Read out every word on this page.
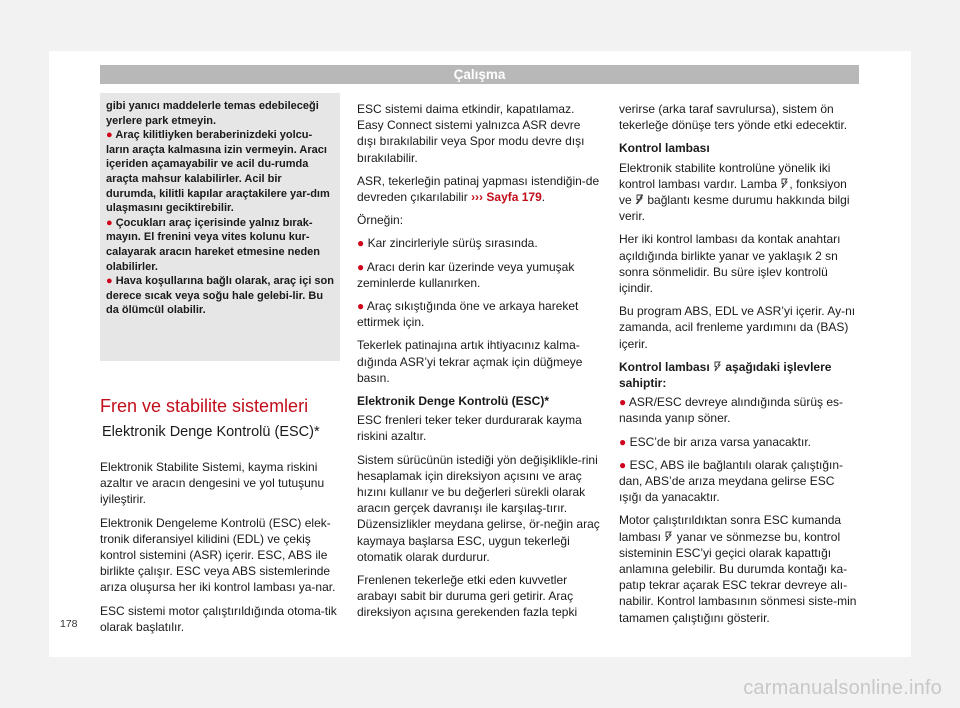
Çalışma

gibi yanıcı maddelerle temas edebileceği yerlere park etmeyin.

● Araç kilitliyken beraberinizdeki yolcu-ların araçta kalmasına izin vermeyin. Aracı içeriden açamayabilir ve acil du-rumda araçta mahsur kalabilirler. Acil bir durumda, kilitli kapılar araçtakilere yar-dım ulaşmasını geciktirebilir.

● Çocukları araç içerisinde yalnız bırak-mayın. El frenini veya vites kolunu kur-calayarak aracın hareket etmesine neden olabilirler.

● Hava koşullarına bağlı olarak, araç içi son derece sıcak veya soğu hale gelebi-lir. Bu da ölümcül olabilir.

Fren ve stabilite sistemleri
Elektronik Denge Kontrolü (ESC)*

Elektronik Stabilite Sistemi, kayma riskini azaltır ve aracın dengesini ve yol tutuşunu iyileştirir.

Elektronik Dengeleme Kontrolü (ESC) elek-tronik diferansiyel kilidini (EDL) ve çekiş kontrol sistemini (ASR) içerir. ESC, ABS ile birlikte çalışır. ESC veya ABS sistemlerinde arıza oluşursa her iki kontrol lambası ya-nar.

ESC sistemi motor çalıştırıldığında otoma-tik olarak başlatılır.

ESC sistemi daima etkindir, kapatılamaz. Easy Connect sistemi yalnızca ASR devre dışı bırakılabilir veya Spor modu devre dışı bırakılabilir.

ASR, tekerleğin patinaj yapması istendiğin-de devreden çıkarılabilir ››› Sayfa 179.

Örneğin:

● Kar zincirleriyle sürüş sırasında.

● Aracı derin kar üzerinde veya yumuşak zeminlerde kullanırken.

● Araç sıkıştığında öne ve arkaya hareket ettirmek için.

Tekerlek patinajına artık ihtiyacınız kalma-dığında ASR’yi tekrar açmak için düğmeye basın.

Elektronik Denge Kontrolü (ESC)*

ESC frenleri teker teker durdurarak kayma riskini azaltır.

Sistem sürücünün istediği yön değişiklikle-rini hesaplamak için direksiyon açısını ve araç hızını kullanır ve bu değerleri sürekli olarak aracın gerçek davranışı ile karşılaş-tırır. Düzensizlikler meydana gelirse, ör-neğin araç kaymaya başlarsa ESC, uygun tekerleği otomatik olarak durdurur.

Frenlenen tekerleğe etki eden kuvvetler arabayı sabit bir duruma geri getirir. Araç direksiyon açısına gerekenden fazla tepki

verirse (arka taraf savrulursa), sistem ön tekerleğe dönüşe ters yönde etki edecektir.

Kontrol lambası

Elektronik stabilite kontrolüne yönelik iki kontrol lambası vardır. Lamba , fonksiyon ve bağlantı kesme durumu hakkında bilgi verir.

Her iki kontrol lambası da kontak anahtarı açıldığında birlikte yanar ve yaklaşık 2 sn sonra sönmelidir. Bu süre işlev kontrolü içindir.

Bu program ABS, EDL ve ASR’yi içerir. Ay-nı zamanda, acil frenleme yardımını da (BAS) içerir.

Kontrol lambası aşağıdaki işlevlere sahiptir:

● ASR/ESC devreye alındığında sürüş es-nasında yanıp söner.

● ESC’de bir arıza varsa yanacaktır.

● ESC, ABS ile bağlantılı olarak çalıştığın-dan, ABS’de arıza meydana gelirse ESC ışığı da yanacaktır.

Motor çalıştırıldıktan sonra ESC kumanda lambası yanar ve sönmezse bu, kontrol sisteminin ESC’yi geçici olarak kapattığı anlamına gelebilir. Bu durumda kontağı ka-patıp tekrar açarak ESC tekrar devreye alı-nabilir. Kontrol lambasının sönmesi siste-min tamamen çalıştığını gösterir.

178
carmanualsonline.info
